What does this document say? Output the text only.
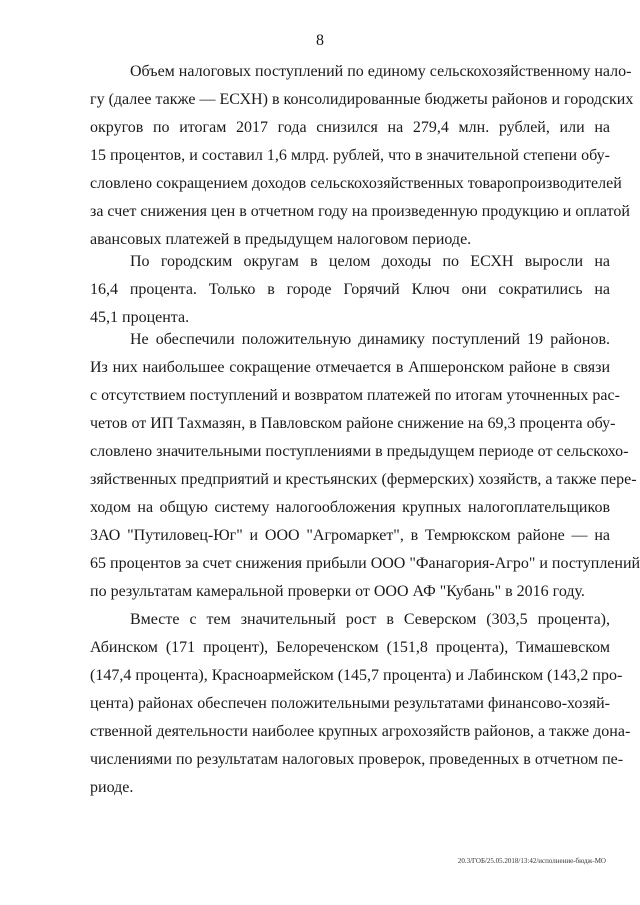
8
Объем налоговых поступлений по единому сельскохозяйственному нало-
гу (далее также — ЕСХН) в консолидированные бюджеты районов и городских
округов по итогам 2017 года снизился на 279,4 млн. рублей, или на
15 процентов, и составил 1,6 млрд. рублей, что в значительной степени обу-
словлено сокращением доходов сельскохозяйственных товаропроизводителей
за счет снижения цен в отчетном году на произведенную продукцию и оплатой
авансовых платежей в предыдущем налоговом периоде.
По городским округам в целом доходы по ЕСХН выросли на
16,4 процента. Только в городе Горячий Ключ они сократились на
45,1 процента.
Не обеспечили положительную динамику поступлений 19 районов.
Из них наибольшее сокращение отмечается в Апшеронском районе в связи
с отсутствием поступлений и возвратом платежей по итогам уточненных рас-
четов от ИП Тахмазян, в Павловском районе снижение на 69,3 процента обу-
словлено значительными поступлениями в предыдущем периоде от сельскохо-
зяйственных предприятий и крестьянских (фермерских) хозяйств, а также пере-
ходом на общую систему налогообложения крупных налогоплательщиков
ЗАО "Путиловец-Юг" и ООО "Агромаркет", в Темрюкском районе — на
65 процентов за счет снижения прибыли ООО "Фанагория-Агро" и поступлений
по результатам камеральной проверки от ООО АФ "Кубань" в 2016 году.
Вместе с тем значительный рост в Северском (303,5 процента),
Абинском (171 процент), Белореченском (151,8 процента), Тимашевском
(147,4 процента), Красноармейском (145,7 процента) и Лабинском (143,2 про-
цента) районах обеспечен положительными результатами финансово-хозяй-
ственной деятельности наиболее крупных агрохозяйств районов, а также дона-
числениями по результатам налоговых проверок, проведенных в отчетном пе-
риоде.
20.3/ГОБ/25.05.2018/13:42/исполнение-бюдж-МО
